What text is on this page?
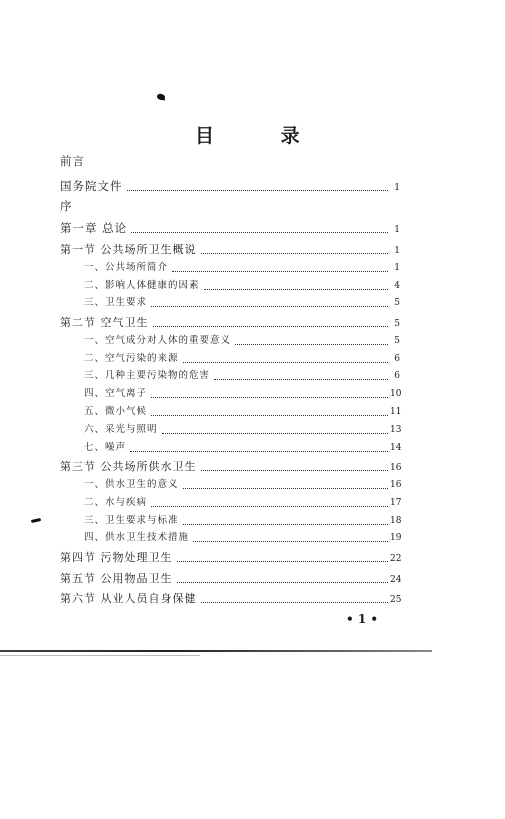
目 录
前言
国务院文件	1
序
第一章 总论	1
第一节 公共场所卫生概说	1
一、公共场所简介	1
二、影响人体健康的因素	4
三、卫生要求	5
第二节 空气卫生	5
一、空气成分对人体的重要意义	5
二、空气污染的来源	6
三、几种主要污染物的危害	6
四、空气离子	10
五、微小气候	11
六、采光与照明	13
七、噪声	14
第三节 公共场所供水卫生	16
一、供水卫生的意义	16
二、水与疾病	17
三、卫生要求与标准	18
四、供水卫生技术措施	19
第四节 污物处理卫生	22
第五节 公用物品卫生	24
第六节 从业人员自身保健	25
• 1 •
